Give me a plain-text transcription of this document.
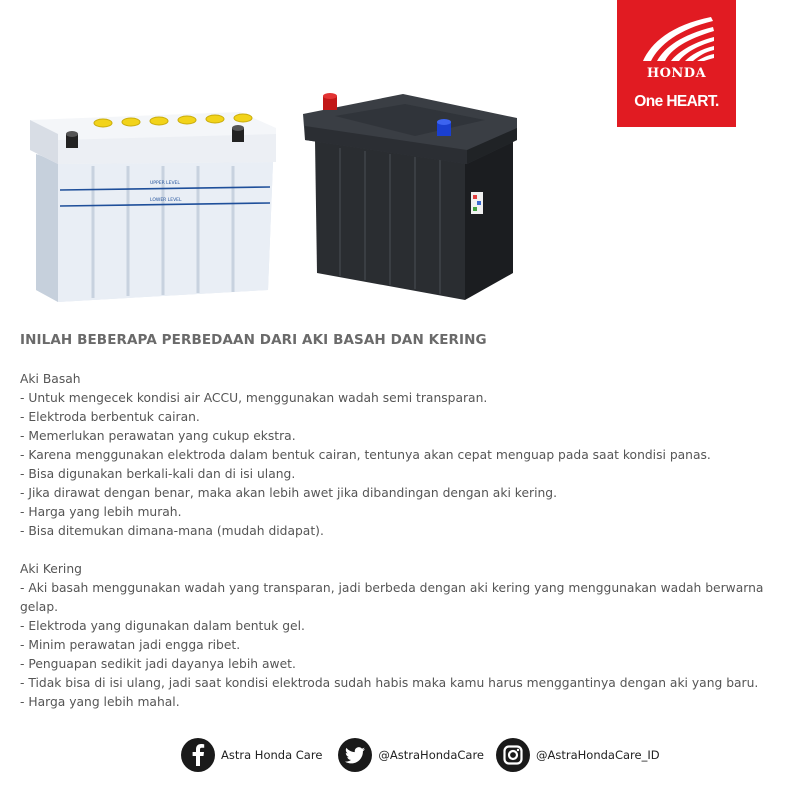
HONDA
One HEART.
UPPER LEVEL
LOWER LEVEL
INILAH BEBERAPA PERBEDAAN DARI AKI BASAH DAN KERING

Aki Basah

- Untuk mengecek kondisi air ACCU, menggunakan wadah semi transparan.
- Elektroda berbentuk cairan.
- Memerlukan perawatan yang cukup ekstra.
- Karena menggunakan elektroda dalam bentuk cairan, tentunya akan cepat menguap pada saat kondisi panas.
- Bisa digunakan berkali-kali dan di isi ulang.
- Jika dirawat dengan benar, maka akan lebih awet jika dibandingan dengan aki kering.
- Harga yang lebih murah.
- Bisa ditemukan dimana-mana (mudah didapat).

Aki Kering

- Aki basah menggunakan wadah yang transparan, jadi berbeda dengan aki kering yang menggunakan wadah berwarna gelap.
- Elektroda yang digunakan dalam bentuk gel.
- Minim perawatan jadi engga ribet.
- Penguapan sedikit jadi dayanya lebih awet.
- Tidak bisa di isi ulang, jadi saat kondisi elektroda sudah habis maka kamu harus menggantinya dengan aki yang baru.
- Harga yang lebih mahal.
Astra Honda Care	@AstraHondaCare	@AstraHondaCare_ID
